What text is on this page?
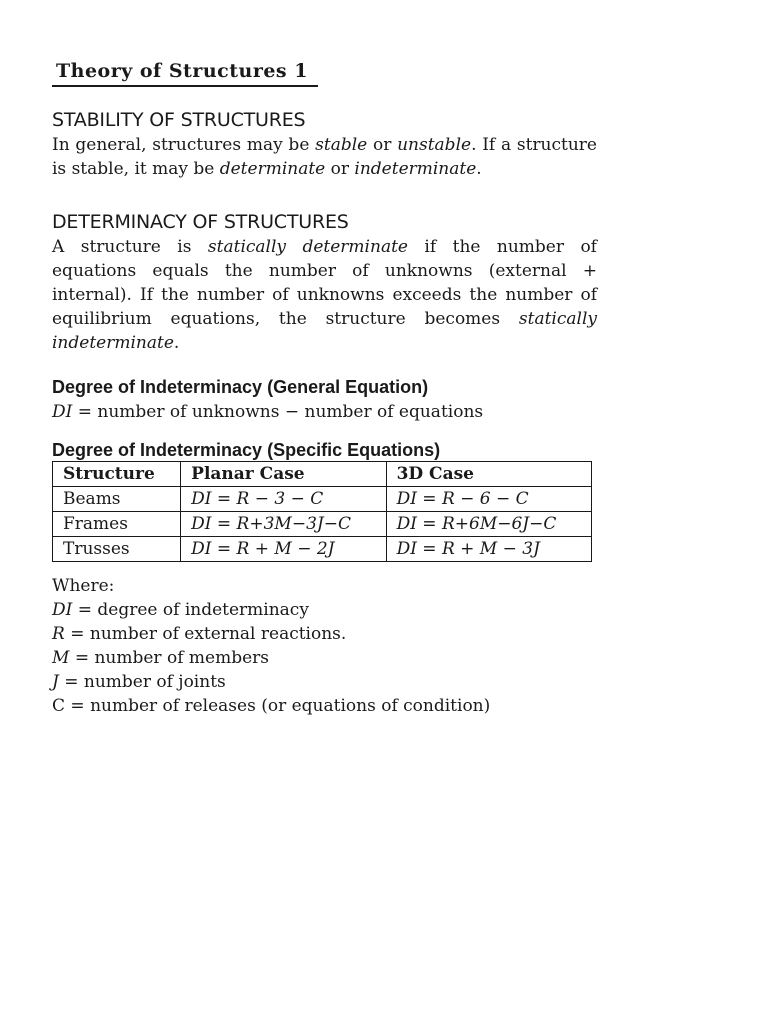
Theory of Structures 1
STABILITY OF STRUCTURES

In general, structures may be stable or unstable. If a structure is stable, it may be determinate or indeterminate.

DETERMINACY OF STRUCTURES

A structure is statically determinate if the number of equations equals the number of unknowns (external + internal). If the number of unknowns exceeds the number of equilibrium equations, the structure becomes statically indeterminate.

Degree of Indeterminacy (General Equation)

DI = number of unknowns − number of equations

Degree of Indeterminacy (Specific Equations)
Structure	Planar Case	3D Case
Beams	DI = R − 3 − C	DI = R − 6 − C
Frames	DI = R+3M−3J−C	DI = R+6M−6J−C
Trusses	DI = R + M − 2J	DI = R + M − 3J

Where:

DI = degree of indeterminacy

R = number of external reactions.

M = number of members

J = number of joints

C = number of releases (or equations of condition)
